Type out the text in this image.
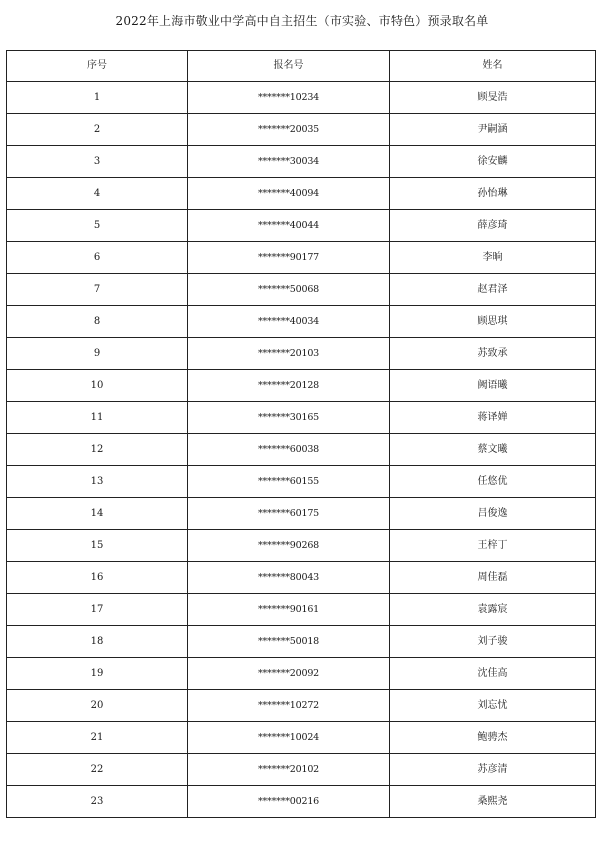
2022年上海市敬业中学高中自主招生（市实验、市特色）预录取名单
序号	报名号	姓名
1	*******10234	顾旻浩
2	*******20035	尹嗣涵
3	*******30034	徐安麟
4	*******40094	孙怡琳
5	*******40044	薛彦琦
6	*******90177	李晌
7	*******50068	赵君泽
8	*******40034	顾思琪
9	*******20103	苏致承
10	*******20128	阙语曦
11	*******30165	蒋译婵
12	*******60038	蔡文曦
13	*******60155	任悠优
14	*******60175	吕俊逸
15	*******90268	王梓丁
16	*******80043	周佳磊
17	*******90161	袁露宸
18	*******50018	刘子骏
19	*******20092	沈佳高
20	*******10272	刘忘忧
21	*******10024	鲍骋杰
22	*******20102	苏彦清
23	*******00216	桑熙尧
